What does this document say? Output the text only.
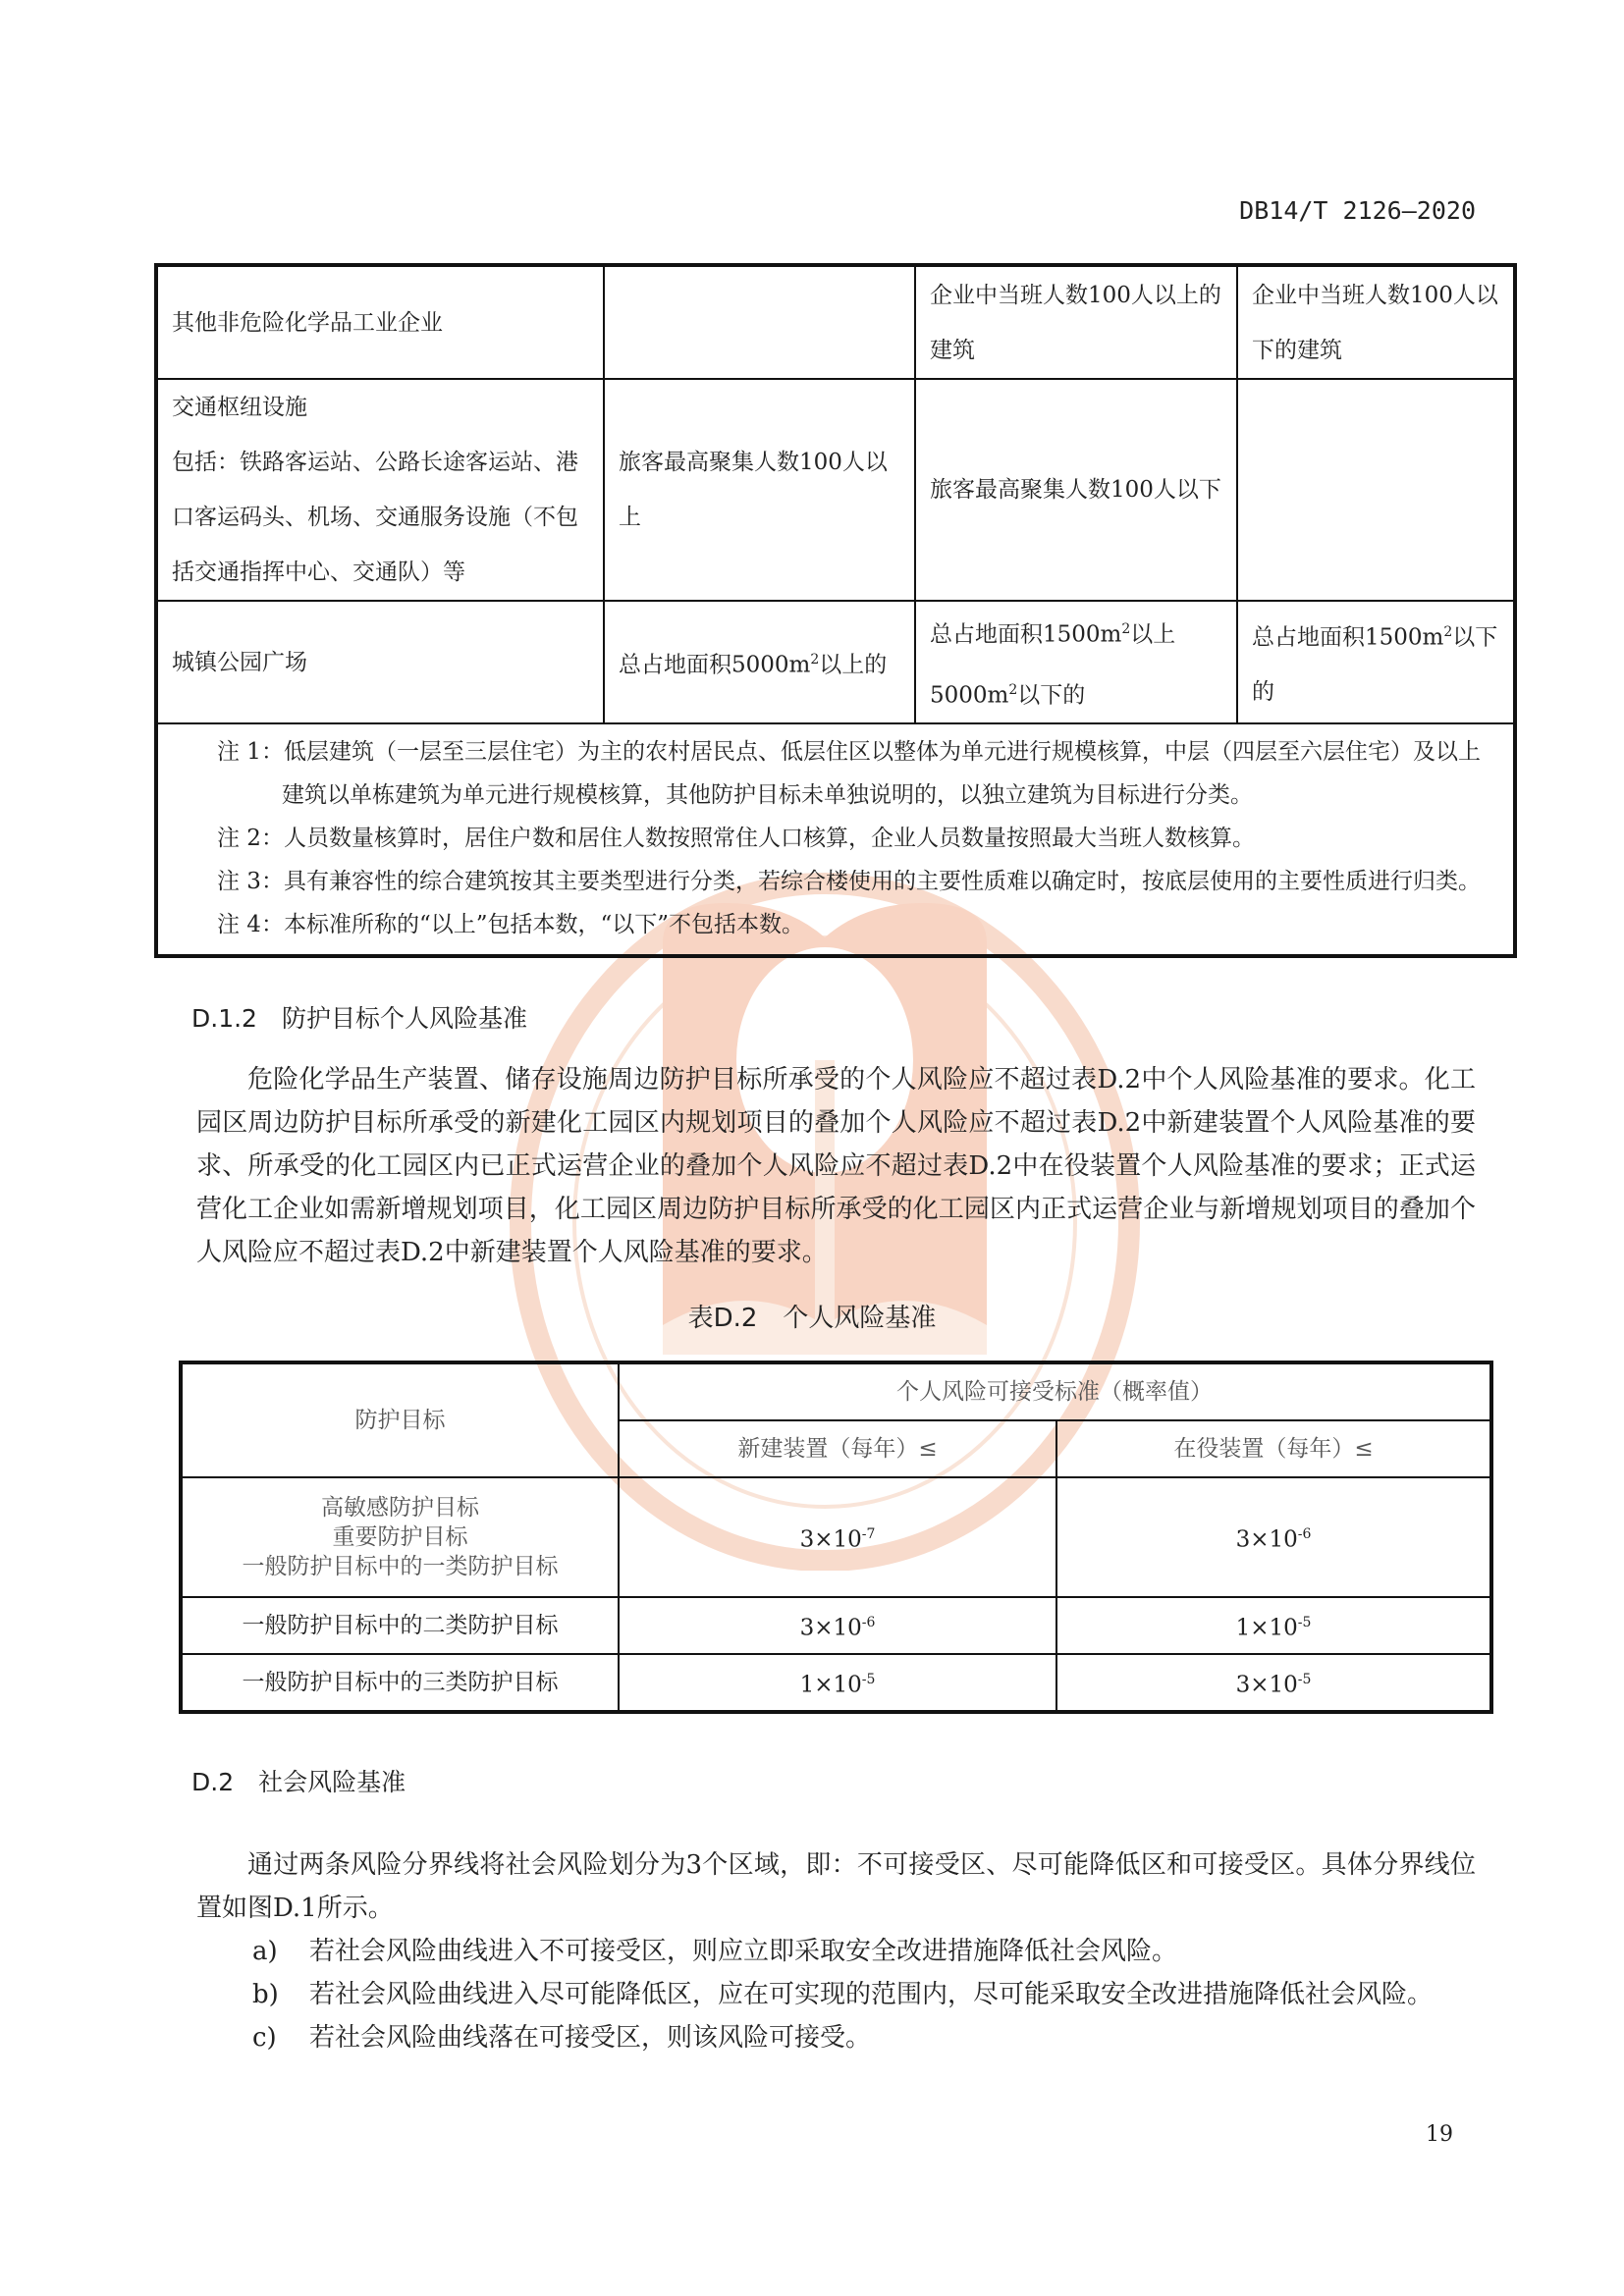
DB14/T 2126—2020
其他非危险化学品工业企业		企业中当班人数100人以上的建筑	企业中当班人数100人以下的建筑
交通枢纽设施
包括：铁路客运站、公路长途客运站、港口客运码头、机场、交通服务设施（不包括交通指挥中心、交通队）等	旅客最高聚集人数100人以上	旅客最高聚集人数100人以下	
城镇公园广场	总占地面积$5000m^2$以上的	总占地面积$1500m^2$以上$5000m^2$以下的	总占地面积$1500m^2$以下的

注 1：低层建筑（一层至三层住宅）为主的农村居民点、低层住区以整体为单元进行规模核算，中层（四层至六层住宅）及以上建筑以单栋建筑为单元进行规模核算，其他防护目标未单独说明的，以独立建筑为目标进行分类。
注 2：人员数量核算时，居住户数和居住人数按照常住人口核算，企业人员数量按照最大当班人数核算。
注 3：具有兼容性的综合建筑按其主要类型进行分类，若综合楼使用的主要性质难以确定时，按底层使用的主要性质进行归类。
注 4：本标准所称的“以上”包括本数，“以下”不包括本数。			
D.1.2　防护目标个人风险基准

危险化学品生产装置、储存设施周边防护目标所承受的个人风险应不超过表D.2中个人风险基准的要求。化工园区周边防护目标所承受的新建化工园区内规划项目的叠加个人风险应不超过表D.2中新建装置个人风险基准的要求、所承受的化工园区内已正式运营企业的叠加个人风险应不超过表D.2中在役装置个人风险基准的要求；正式运营化工企业如需新增规划项目，化工园区周边防护目标所承受的化工园区内正式运营企业与新增规划项目的叠加个人风险应不超过表D.2中新建装置个人风险基准的要求。

表D.2　个人风险基准
防护目标	个人风险可接受标准（概率值）	
	新建装置（每年）≤	在役装置（每年）≤
高敏感防护目标
重要防护目标
一般防护目标中的一类防护目标	$3\times 10^{-7}$	$3\times 10^{-6}$
一般防护目标中的二类防护目标	$3\times 10^{-6}$	$1\times 10^{-5}$
一般防护目标中的三类防护目标	$1\times 10^{-5}$	$3\times 10^{-5}$
D.2　社会风险基准

通过两条风险分界线将社会风险划分为3个区域，即：不可接受区、尽可能降低区和可接受区。具体分界线位置如图D.1所示。

a) 若社会风险曲线进入不可接受区，则应立即采取安全改进措施降低社会风险。
b) 若社会风险曲线进入尽可能降低区，应在可实现的范围内，尽可能采取安全改进措施降低社会风险。
c) 若社会风险曲线落在可接受区，则该风险可接受。
19
